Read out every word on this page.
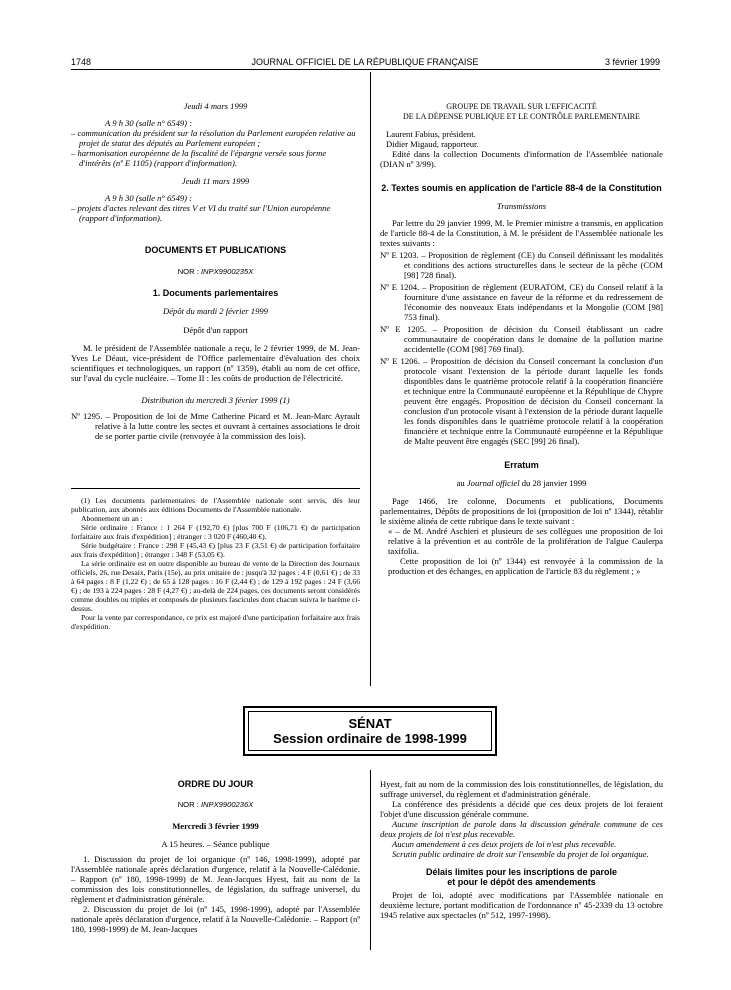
1748	JOURNAL OFFICIEL DE LA RÉPUBLIQUE FRANÇAISE	3 février 1999

Jeudi 4 mars 1999

A 9 h 30 (salle n° 6549) :

– communication du président sur la résolution du Parlement européen relative au projet de statut des députés au Parlement européen ;

– harmonisation européenne de la fiscalité de l'épargne versée sous forme d'intérêts (nº E 1105) (rapport d'information).

Jeudi 11 mars 1999

A 9 h 30 (salle n° 6549) :

– projets d'actes relevant des titres V et VI du traité sur l'Union européenne (rapport d'information).

DOCUMENTS ET PUBLICATIONS

NOR : INPX9900235X

1. Documents parlementaires

Dépôt du mardi 2 février 1999

Dépôt d'un rapport

M. le président de l'Assemblée nationale a reçu, le 2 février 1999, de M. Jean-Yves Le Déaut, vice-président de l'Office parlementaire d'évaluation des choix scientifiques et technologiques, un rapport (nº 1359), établi au nom de cet office, sur l'aval du cycle nucléaire. – Tome II : les coûts de production de l'électricité.

Distribution du mercredi 3 février 1999 (1)

Nº 1295. – Proposition de loi de Mme Catherine Picard et M. Jean-Marc Ayrault relative à la lutte contre les sectes et ouvrant à certaines associations le droit de se porter partie civile (renvoyée à la commission des lois).

(1) Les documents parlementaires de l'Assemblée nationale sont servis, dès leur publication, aux abonnés aux éditions Documents de l'Assemblée nationale.

Abonnement un an :

Série ordinaire : France : 1 264 F (192,70 €) [plus 700 F (106,71 €) de participation forfaitaire aux frais d'expédition] ; étranger : 3 020 F (460,40 €).

Série budgétaire : France : 298 F (45,43 €) [plus 23 F (3,51 €) de participation forfaitaire aux frais d'expédition] ; étranger : 348 F (53,05 €).

La série ordinaire est en outre disponible au bureau de vente de la Direction des Journaux officiels, 26, rue Desaix, Paris (15e), au prix unitaire de : jusqu'à 32 pages : 4 F (0,61 €) ; de 33 à 64 pages : 8 F (1,22 €) ; de 65 à 128 pages : 16 F (2,44 €) ; de 129 à 192 pages : 24 F (3,66 €) ; de 193 à 224 pages : 28 F (4,27 €) ; au-delà de 224 pages, ces documents seront considérés comme doubles ou triples et composés de plusieurs fascicules dont chacun suivra le barème ci-dessus.

Pour la vente par correspondance, ce prix est majoré d'une participation forfaitaire aux frais d'expédition.

GROUPE DE TRAVAIL SUR L'EFFICACITÉ

DE LA DÉPENSE PUBLIQUE ET LE CONTRÔLE PARLEMENTAIRE

Laurent Fabius, président.

Didier Migaud, rapporteur.

Edité dans la collection Documents d'information de l'Assemblée nationale (DIAN nº 3/99).

2. Textes soumis en application de l'article 88-4 de la Constitution

Transmissions

Par lettre du 29 janvier 1999, M. le Premier ministre a transmis, en application de l'article 88-4 de la Constitution, à M. le président de l'Assemblée nationale les textes suivants :

Nº E 1203. – Proposition de règlement (CE) du Conseil définissant les modalités et conditions des actions structurelles dans le secteur de la pêche (COM [98] 728 final).

Nº E 1204. – Proposition de règlement (EURATOM, CE) du Conseil relatif à la fourniture d'une assistance en faveur de la réforme et du redressement de l'économie des nouveaux Etats indépendants et la Mongolie (COM [98] 753 final).

Nº E 1205. – Proposition de décision du Conseil établissant un cadre communautaire de coopération dans le domaine de la pollution marine accidentelle (COM [98] 769 final).

Nº E 1206. – Proposition de décision du Conseil concernant la conclusion d'un protocole visant l'extension de la période durant laquelle les fonds disponibles dans le quatrième protocole relatif à la coopération financière et technique entre la Communauté européenne et la République de Chypre peuvent être engagés. Proposition de décision du Conseil concernant la conclusion d'un protocole visant à l'extension de la période durant laquelle les fonds disponibles dans le quatrième protocole relatif à la coopération financière et technique entre la Communauté européenne et la République de Malte peuvent être engagés (SEC [99] 26 final).

Erratum

au Journal officiel du 28 janvier 1999

Page 1466, 1re colonne, Documents et publications, Documents parlementaires, Dépôts de propositions de loi (proposition de loi nº 1344), rétablir le sixième alinéa de cette rubrique dans le texte suivant :

« – de M. André Aschieri et plusieurs de ses collègues une proposition de loi relative à la prévention et au contrôle de la prolifération de l'algue Caulerpa taxifolia.

Cette proposition de loi (nº 1344) est renvoyée à la commission de la production et des échanges, en application de l'article 83 du règlement ; »

SÉNAT
Session ordinaire de 1998-1999

ORDRE DU JOUR

NOR : INPX9900236X

Mercredi 3 février 1999

A 15 heures. – Séance publique

1. Discussion du projet de loi organique (nº 146, 1998-1999), adopté par l'Assemblée nationale après déclaration d'urgence, relatif à la Nouvelle-Calédonie. – Rapport (nº 180, 1998-1999) de M. Jean-Jacques Hyest, fait au nom de la commission des lois constitutionnelles, de législation, du suffrage universel, du règlement et d'administration générale.

2. Discussion du projet de loi (nº 145, 1998-1999), adopté par l'Assemblée nationale après déclaration d'urgence, relatif à la Nouvelle-Calédonie. – Rapport (nº 180, 1998-1999) de M. Jean-Jacques

Hyest, fait au nom de la commission des lois constitutionnelles, de législation, du suffrage universel, du règlement et d'administration générale.

La conférence des présidents a décidé que ces deux projets de loi feraient l'objet d'une discussion générale commune.

Aucune inscription de parole dans la discussion générale commune de ces deux projets de loi n'est plus recevable.

Aucun amendement à ces deux projets de loi n'est plus recevable.

Scrutin public ordinaire de droit sur l'ensemble du projet de loi organique.

Délais limites pour les inscriptions de parole

et pour le dépôt des amendements

Projet de loi, adopté avec modifications par l'Assemblée nationale en deuxième lecture, portant modification de l'ordonnance nº 45-2339 du 13 octobre 1945 relative aux spectacles (nº 512, 1997-1998).
